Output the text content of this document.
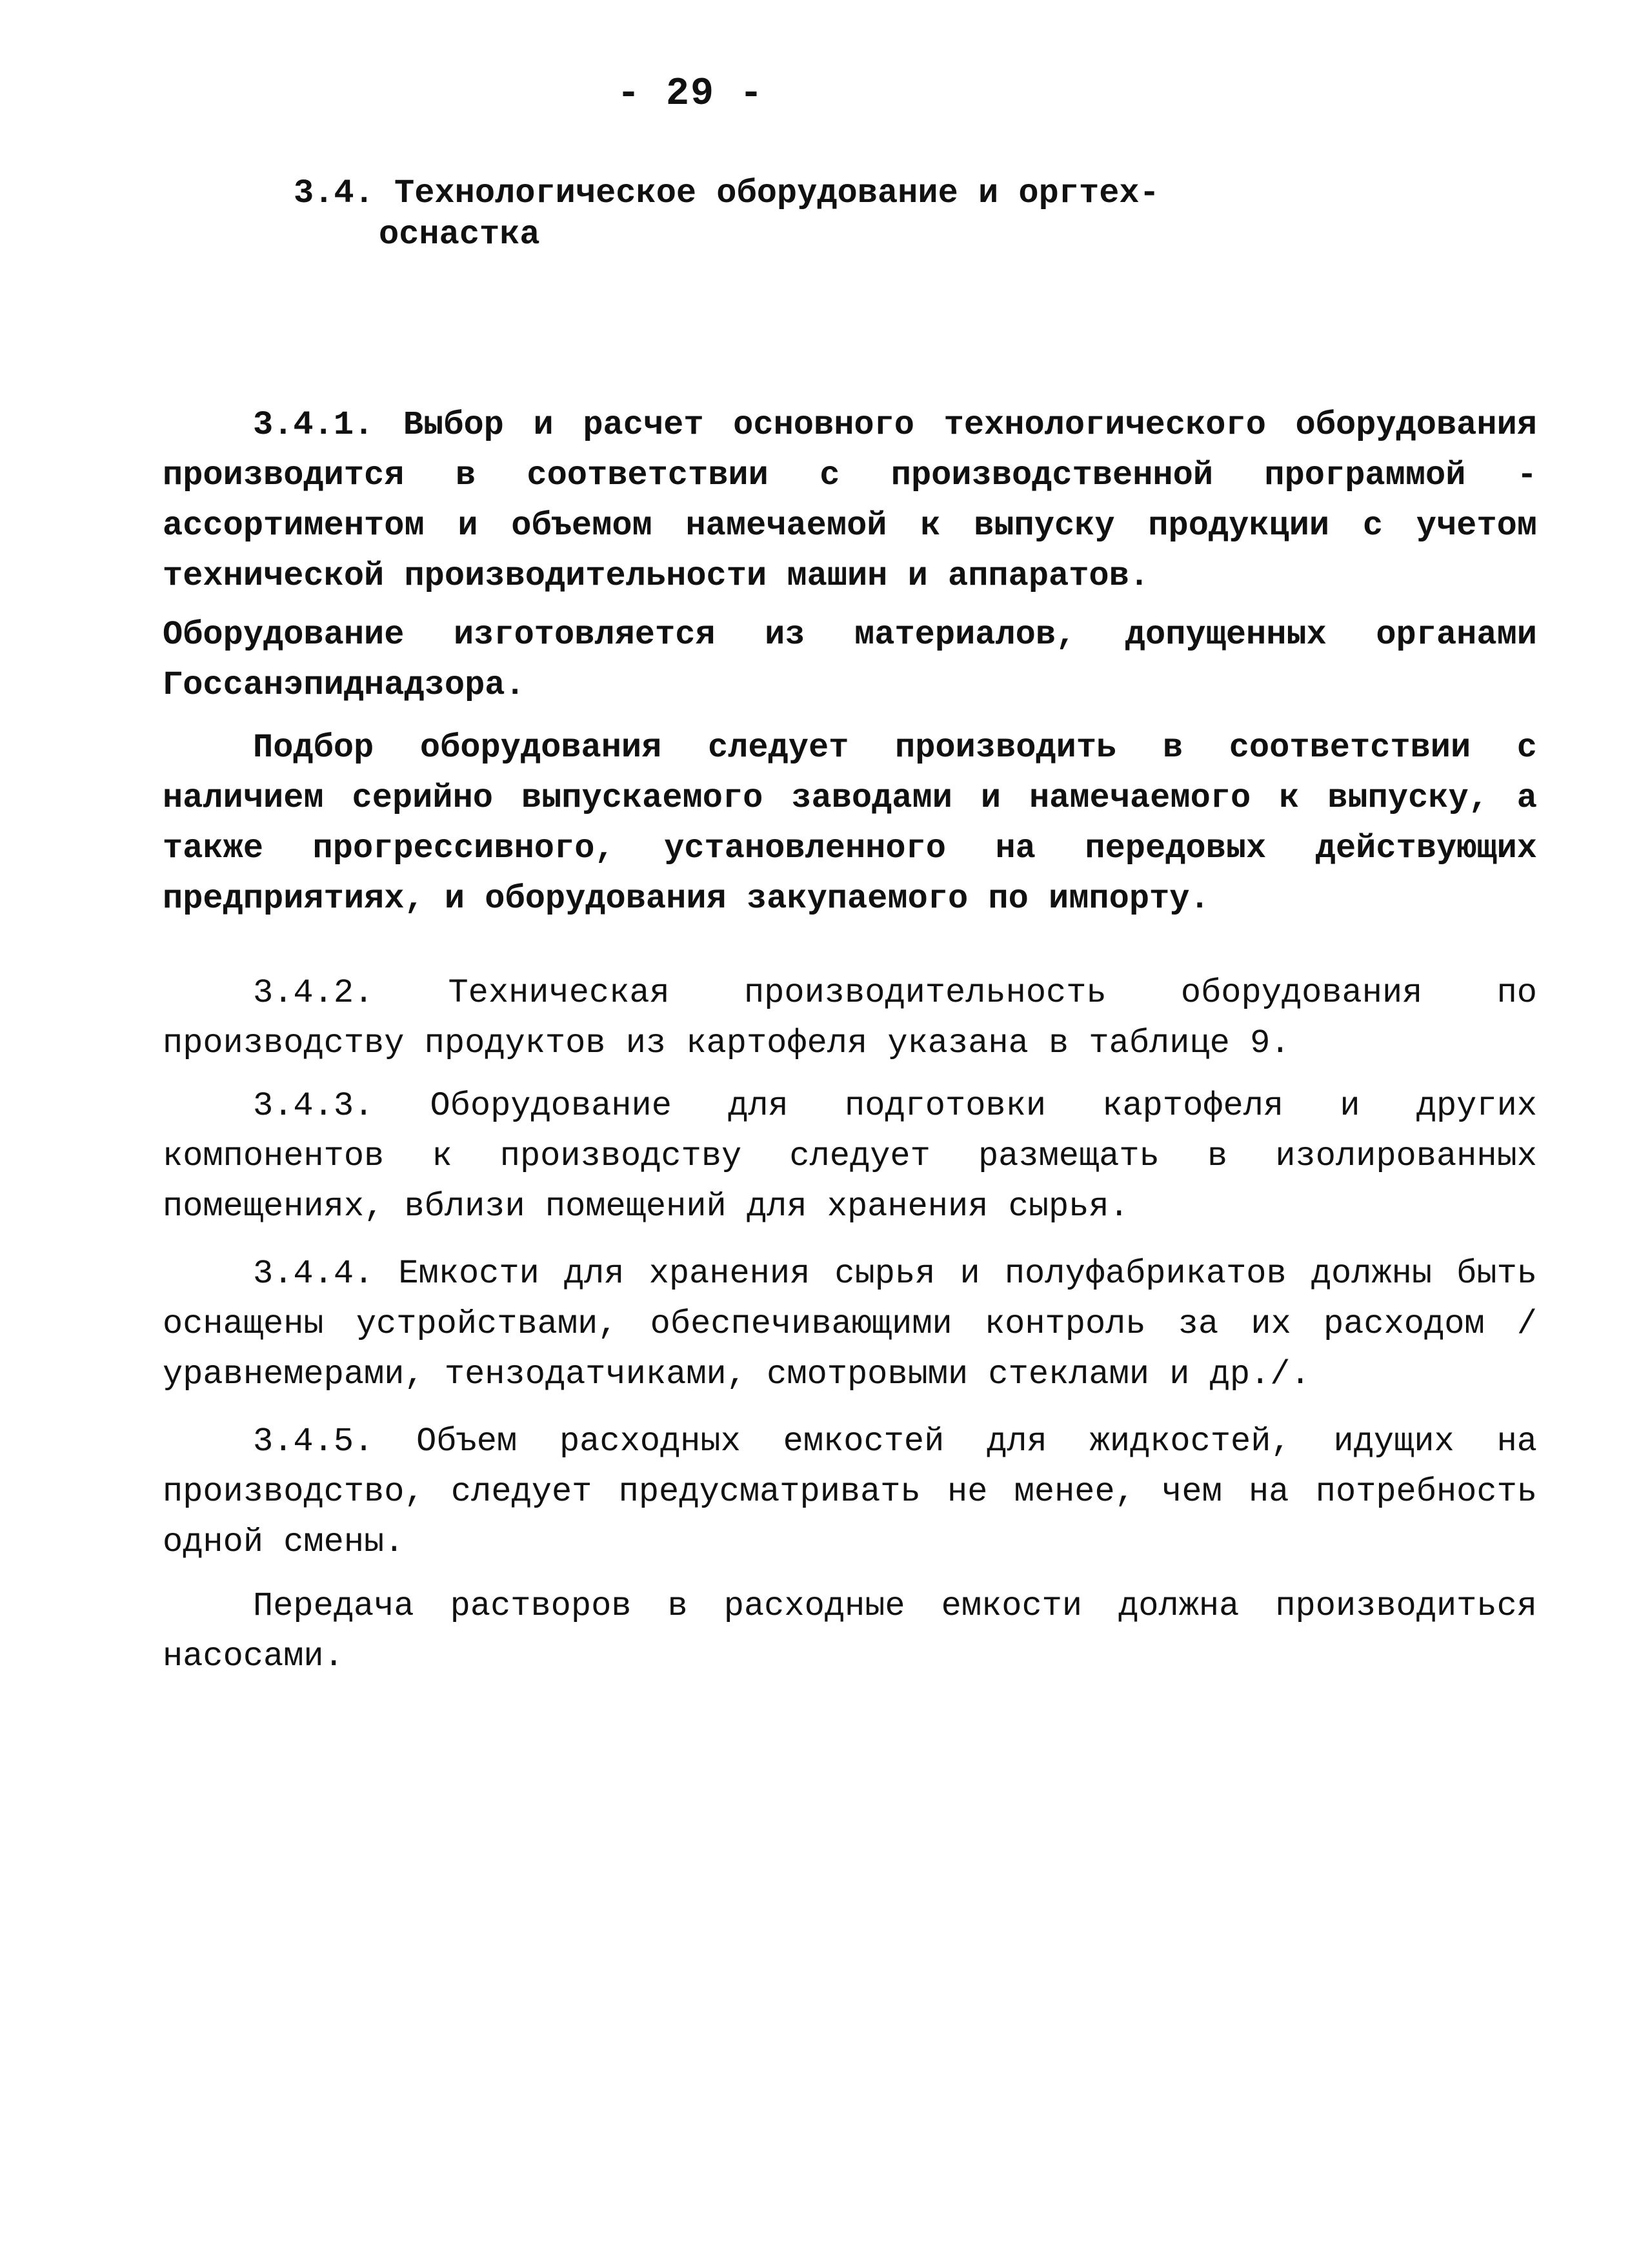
- 29 -
3.4. Технологическое оборудование и оргтех-
оснастка

3.4.1. Выбор и расчет основного технологического оборудования производится в соответствии с производственной программой - ассортиментом и объемом намечаемой к выпуску продукции с учетом технической производительности машин и аппаратов.

Оборудование изготовляется из материалов, допущенных органами Госсанэпиднадзора.

Подбор оборудования следует производить в соответствии с наличием серийно выпускаемого заводами и намечаемого к выпуску, а также прогрессивного, установленного на передовых действующих предприятиях, и оборудования закупаемого по импорту.

3.4.2. Техническая производительность оборудования по производству продуктов из картофеля указана в таблице 9.

3.4.3. Оборудование для подготовки картофеля и других компонентов к производству следует размещать в изолированных помещениях, вблизи помещений для хранения сырья.

3.4.4. Емкости для хранения сырья и полуфабрикатов должны быть оснащены устройствами, обеспечивающими контроль за их расходом /уравнемерами, тензодатчиками, смотровыми стеклами и др./.

3.4.5. Объем расходных емкостей для жидкостей, идущих на производство, следует предусматривать не менее, чем на потребность одной смены.

Передача растворов в расходные емкости должна производиться насосами.
